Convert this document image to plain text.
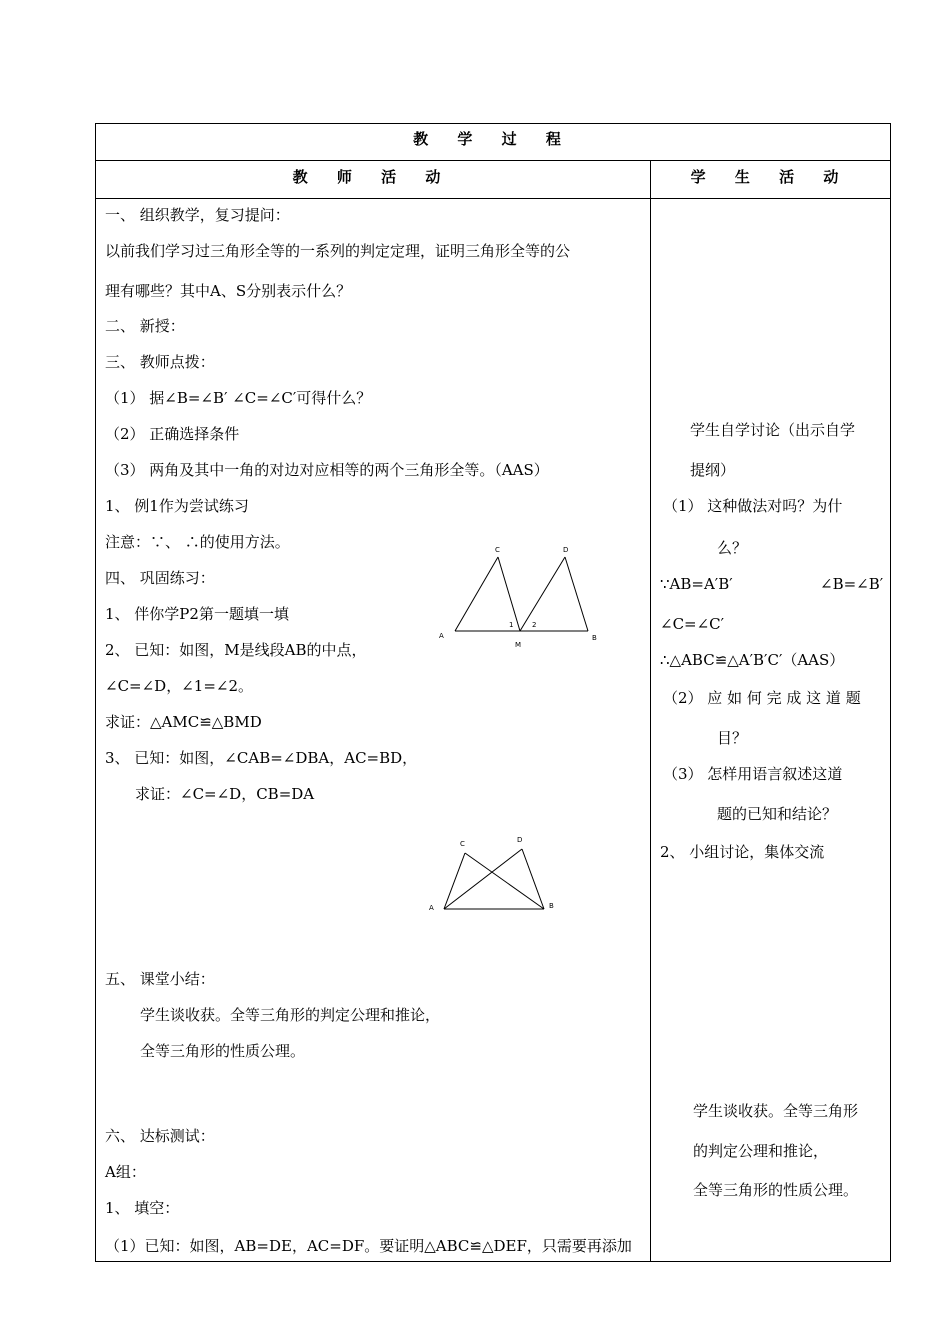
教 学 过 程
教 师 活 动	学 生 活 动
一、 组织教学，复习提问：
以前我们学习过三角形全等的一系列的判定定理，证明三角形全等的公
理有哪些？其中A、S分别表示什么？
二、 新授：
三、 教师点拨：
（1） 据∠B=∠B′ ∠C=∠C′可得什么？
（2） 正确选择条件
（3） 两角及其中一角的对边对应相等的两个三角形全等。（AAS）
1、 例1作为尝试练习
注意：∵、 ∴的使用方法。
四、 巩固练习：
1、 伴你学P2第一题填一填
2、 已知：如图，M是线段AB的中点，
∠C=∠D，∠1=∠2。
求证：△AMC≌△BMD
3、 已知：如图，∠CAB=∠DBA，AC=BD，
求证：∠C=∠D，CB=DA
五、 课堂小结：
学生谈收获。全等三角形的判定公理和推论，
全等三角形的性质公理。
六、 达标测试：
A组：
1、 填空：
（1）已知：如图，AB=DE，AC=DF。要证明△ABC≌△DEF，只需要再添加
学生自学讨论（出示自学
提纲）
（1） 这种做法对吗？为什
么？
∵AB=A′B′	∠B=∠B′
∠C=∠C′
∴△ABC≌△A′B′C′（AAS）
（2） 应 如 何 完 成 这 道 题
目？
（3） 怎样用语言叙述这道
题的已知和结论？
2、 小组讨论，集体交流
学生谈收获。全等三角形
的判定公理和推论，
全等三角形的性质公理。
C	D
A	B
M
1	2
C	D
A	B
